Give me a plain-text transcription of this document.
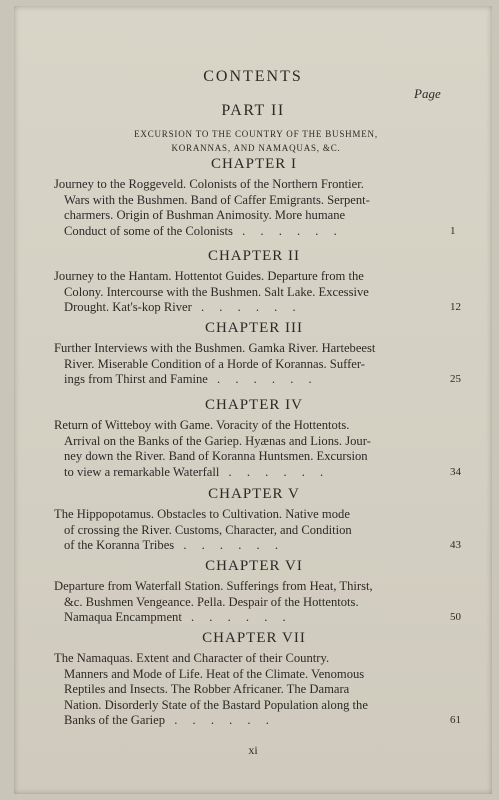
CONTENTS
Page
PART II
EXCURSION TO THE COUNTRY OF THE BUSHMEN,
KORANNAS, AND NAMAQUAS, &C.
CHAPTER I
Journey to the Roggeveld. Colonists of the Northern Frontier.
Wars with the Bushmen. Band of Caffer Emigrants. Serpent-
charmers. Origin of Bushman Animosity. More humane
Conduct of some of the Colonists . . . . . .	1
CHAPTER II
Journey to the Hantam. Hottentot Guides. Departure from the
Colony. Intercourse with the Bushmen. Salt Lake. Excessive
Drought. Kat's-kop River . . . . . .	12
CHAPTER III
Further Interviews with the Bushmen. Gamka River. Hartebeest
River. Miserable Condition of a Horde of Korannas. Suffer-
ings from Thirst and Famine . . . . . .	25
CHAPTER IV
Return of Witteboy with Game. Voracity of the Hottentots.
Arrival on the Banks of the Gariep. Hyænas and Lions. Jour-
ney down the River. Band of Koranna Huntsmen. Excursion
to view a remarkable Waterfall . . . . . .	34
CHAPTER V
The Hippopotamus. Obstacles to Cultivation. Native mode
of crossing the River. Customs, Character, and Condition
of the Koranna Tribes . . . . . .	43
CHAPTER VI
Departure from Waterfall Station. Sufferings from Heat, Thirst,
&c. Bushmen Vengeance. Pella. Despair of the Hottentots.
Namaqua Encampment . . . . . .	50
CHAPTER VII
The Namaquas. Extent and Character of their Country.
Manners and Mode of Life. Heat of the Climate. Venomous
Reptiles and Insects. The Robber Africaner. The Damara
Nation. Disorderly State of the Bastard Population along the
Banks of the Gariep . . . . . .	61
xi
